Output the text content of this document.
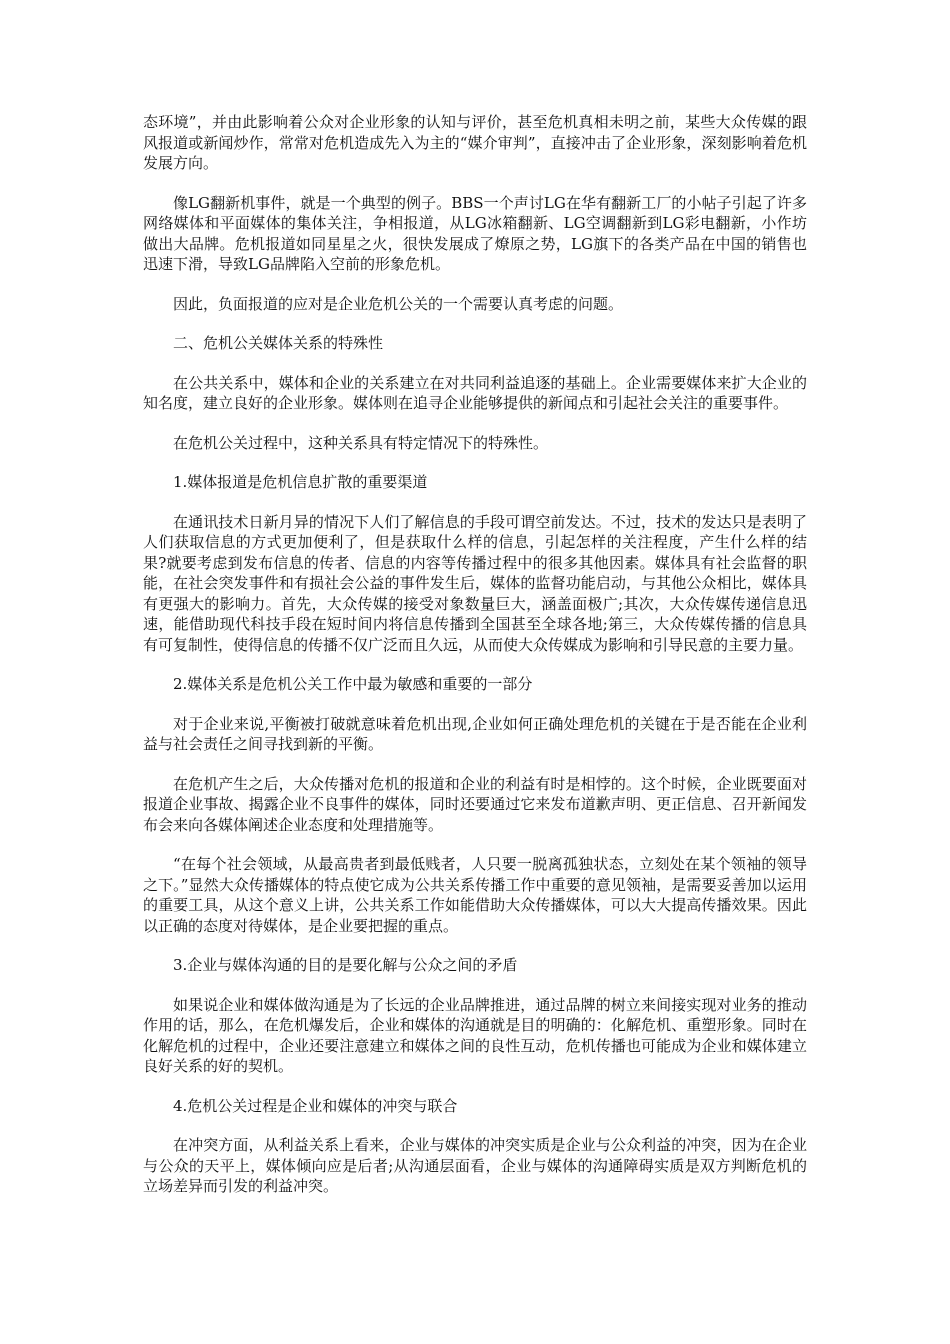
态环境”，并由此影响着公众对企业形象的认知与评价，甚至危机真相未明之前，某些大众传媒的跟风报道或新闻炒作，常常对危机造成先入为主的“媒介审判”，直接冲击了企业形象，深刻影响着危机发展方向。

像LG翻新机事件，就是一个典型的例子。BBS一个声讨LG在华有翻新工厂的小帖子引起了许多网络媒体和平面媒体的集体关注，争相报道，从LG冰箱翻新、LG空调翻新到LG彩电翻新，小作坊做出大品牌。危机报道如同星星之火，很快发展成了燎原之势，LG旗下的各类产品在中国的销售也迅速下滑，导致LG品牌陷入空前的形象危机。

因此，负面报道的应对是企业危机公关的一个需要认真考虑的问题。

二、危机公关媒体关系的特殊性

在公共关系中，媒体和企业的关系建立在对共同利益追逐的基础上。企业需要媒体来扩大企业的知名度，建立良好的企业形象。媒体则在追寻企业能够提供的新闻点和引起社会关注的重要事件。

在危机公关过程中，这种关系具有特定情况下的特殊性。

1.媒体报道是危机信息扩散的重要渠道

在通讯技术日新月异的情况下人们了解信息的手段可谓空前发达。不过，技术的发达只是表明了人们获取信息的方式更加便利了，但是获取什么样的信息，引起怎样的关注程度，产生什么样的结果?就要考虑到发布信息的传者、信息的内容等传播过程中的很多其他因素。媒体具有社会监督的职能，在社会突发事件和有损社会公益的事件发生后，媒体的监督功能启动，与其他公众相比，媒体具有更强大的影响力。首先，大众传媒的接受对象数量巨大，涵盖面极广;其次，大众传媒传递信息迅速，能借助现代科技手段在短时间内将信息传播到全国甚至全球各地;第三，大众传媒传播的信息具有可复制性，使得信息的传播不仅广泛而且久远，从而使大众传媒成为影响和引导民意的主要力量。

2.媒体关系是危机公关工作中最为敏感和重要的一部分

对于企业来说,平衡被打破就意味着危机出现,企业如何正确处理危机的关键在于是否能在企业利益与社会责任之间寻找到新的平衡。

在危机产生之后，大众传播对危机的报道和企业的利益有时是相悖的。这个时候，企业既要面对报道企业事故、揭露企业不良事件的媒体，同时还要通过它来发布道歉声明、更正信息、召开新闻发布会来向各媒体阐述企业态度和处理措施等。

“在每个社会领域，从最高贵者到最低贱者，人只要一脱离孤独状态，立刻处在某个领袖的领导之下。”显然大众传播媒体的特点使它成为公共关系传播工作中重要的意见领袖，是需要妥善加以运用的重要工具，从这个意义上讲，公共关系工作如能借助大众传播媒体，可以大大提高传播效果。因此以正确的态度对待媒体，是企业要把握的重点。

3.企业与媒体沟通的目的是要化解与公众之间的矛盾

如果说企业和媒体做沟通是为了长远的企业品牌推进，通过品牌的树立来间接实现对业务的推动作用的话，那么，在危机爆发后，企业和媒体的沟通就是目的明确的：化解危机、重塑形象。同时在化解危机的过程中，企业还要注意建立和媒体之间的良性互动，危机传播也可能成为企业和媒体建立良好关系的好的契机。

4.危机公关过程是企业和媒体的冲突与联合

在冲突方面，从利益关系上看来，企业与媒体的冲突实质是企业与公众利益的冲突，因为在企业与公众的天平上，媒体倾向应是后者;从沟通层面看，企业与媒体的沟通障碍实质是双方判断危机的立场差异而引发的利益冲突。
